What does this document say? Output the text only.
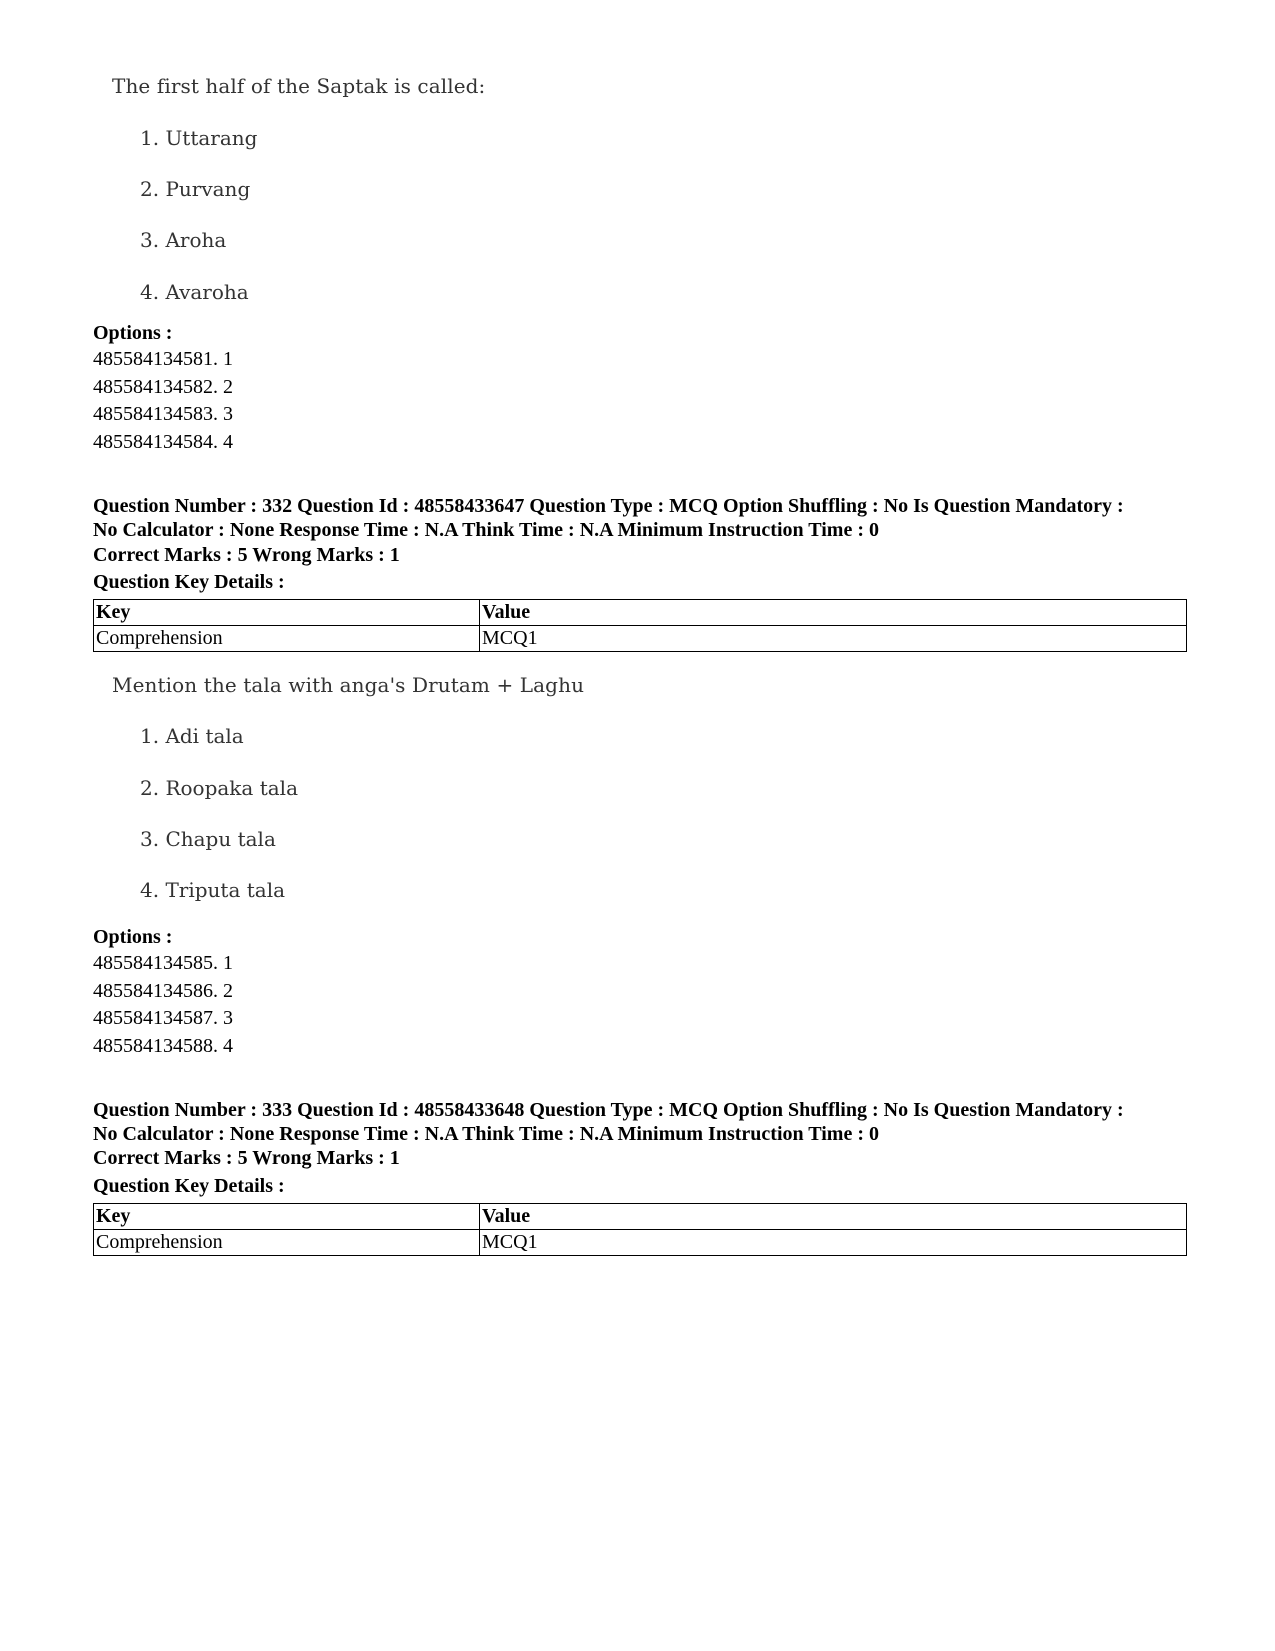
The first half of the Saptak is called:
1. Uttarang
2. Purvang
3. Aroha
4. Avaroha
Options :
485584134581. 1
485584134582. 2
485584134583. 3
485584134584. 4
Question Number : 332 Question Id : 48558433647 Question Type : MCQ Option Shuffling : No Is Question Mandatory :
No Calculator : None Response Time : N.A Think Time : N.A Minimum Instruction Time : 0
Correct Marks : 5 Wrong Marks : 1
Question Key Details :
Key	Value
Comprehension	MCQ1
Mention the tala with anga's Drutam + Laghu
1. Adi tala
2. Roopaka tala
3. Chapu tala
4. Triputa tala
Options :
485584134585. 1
485584134586. 2
485584134587. 3
485584134588. 4
Question Number : 333 Question Id : 48558433648 Question Type : MCQ Option Shuffling : No Is Question Mandatory :
No Calculator : None Response Time : N.A Think Time : N.A Minimum Instruction Time : 0
Correct Marks : 5 Wrong Marks : 1
Question Key Details :
Key	Value
Comprehension	MCQ1
